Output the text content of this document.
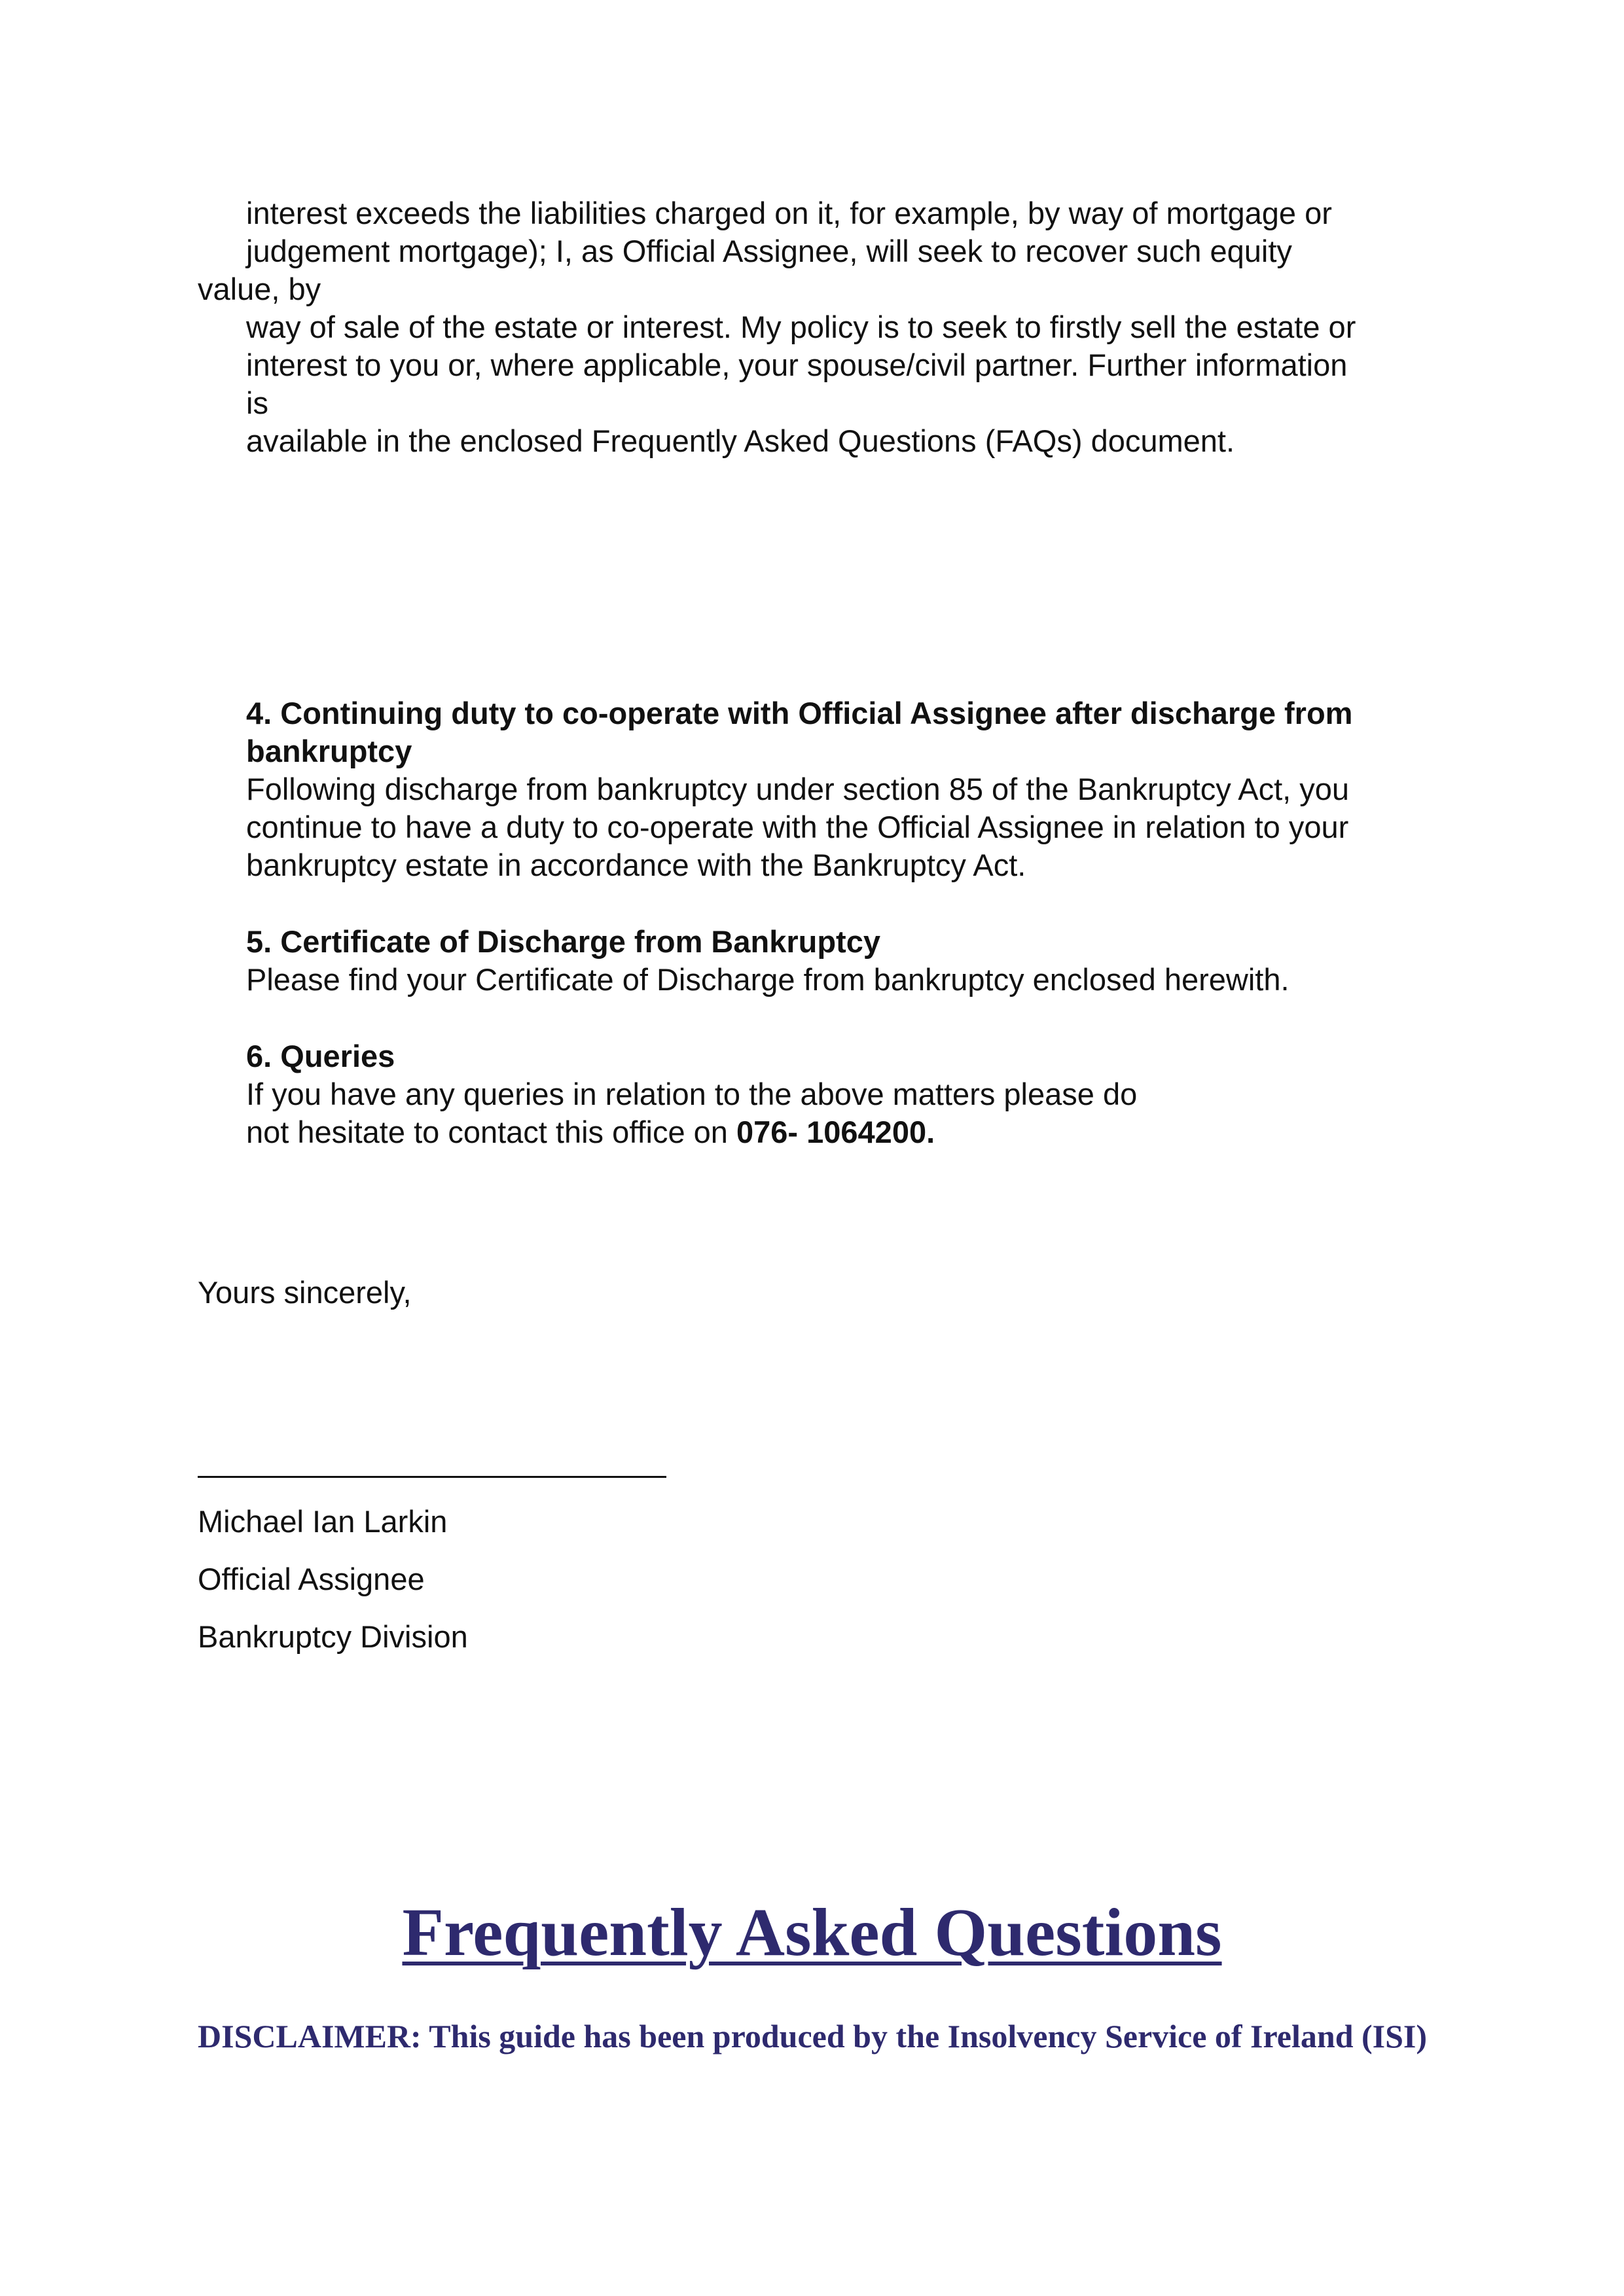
interest exceeds the liabilities charged on it, for example, by way of mortgage or
judgement mortgage); I, as Official Assignee, will seek to recover such equity
value, by
way of sale of the estate or interest. My policy is to seek to firstly sell the estate or
interest to you or, where applicable, your spouse/civil partner. Further information
is
available in the enclosed Frequently Asked Questions (FAQs) document.
4. Continuing duty to co-operate with Official Assignee after discharge from
bankruptcy
Following discharge from bankruptcy under section 85 of the Bankruptcy Act, you
continue to have a duty to co-operate with the Official Assignee in relation to your
bankruptcy estate in accordance with the Bankruptcy Act.
5. Certificate of Discharge from Bankruptcy
Please find your Certificate of Discharge from bankruptcy enclosed herewith.
6. Queries
If you have any queries in relation to the above matters please do
not hesitate to contact this office on 076- 1064200.
Yours sincerely,
Michael Ian Larkin
Official Assignee
Bankruptcy Division
Frequently Asked Questions
DISCLAIMER: This guide has been produced by the Insolvency Service of Ireland (ISI)
